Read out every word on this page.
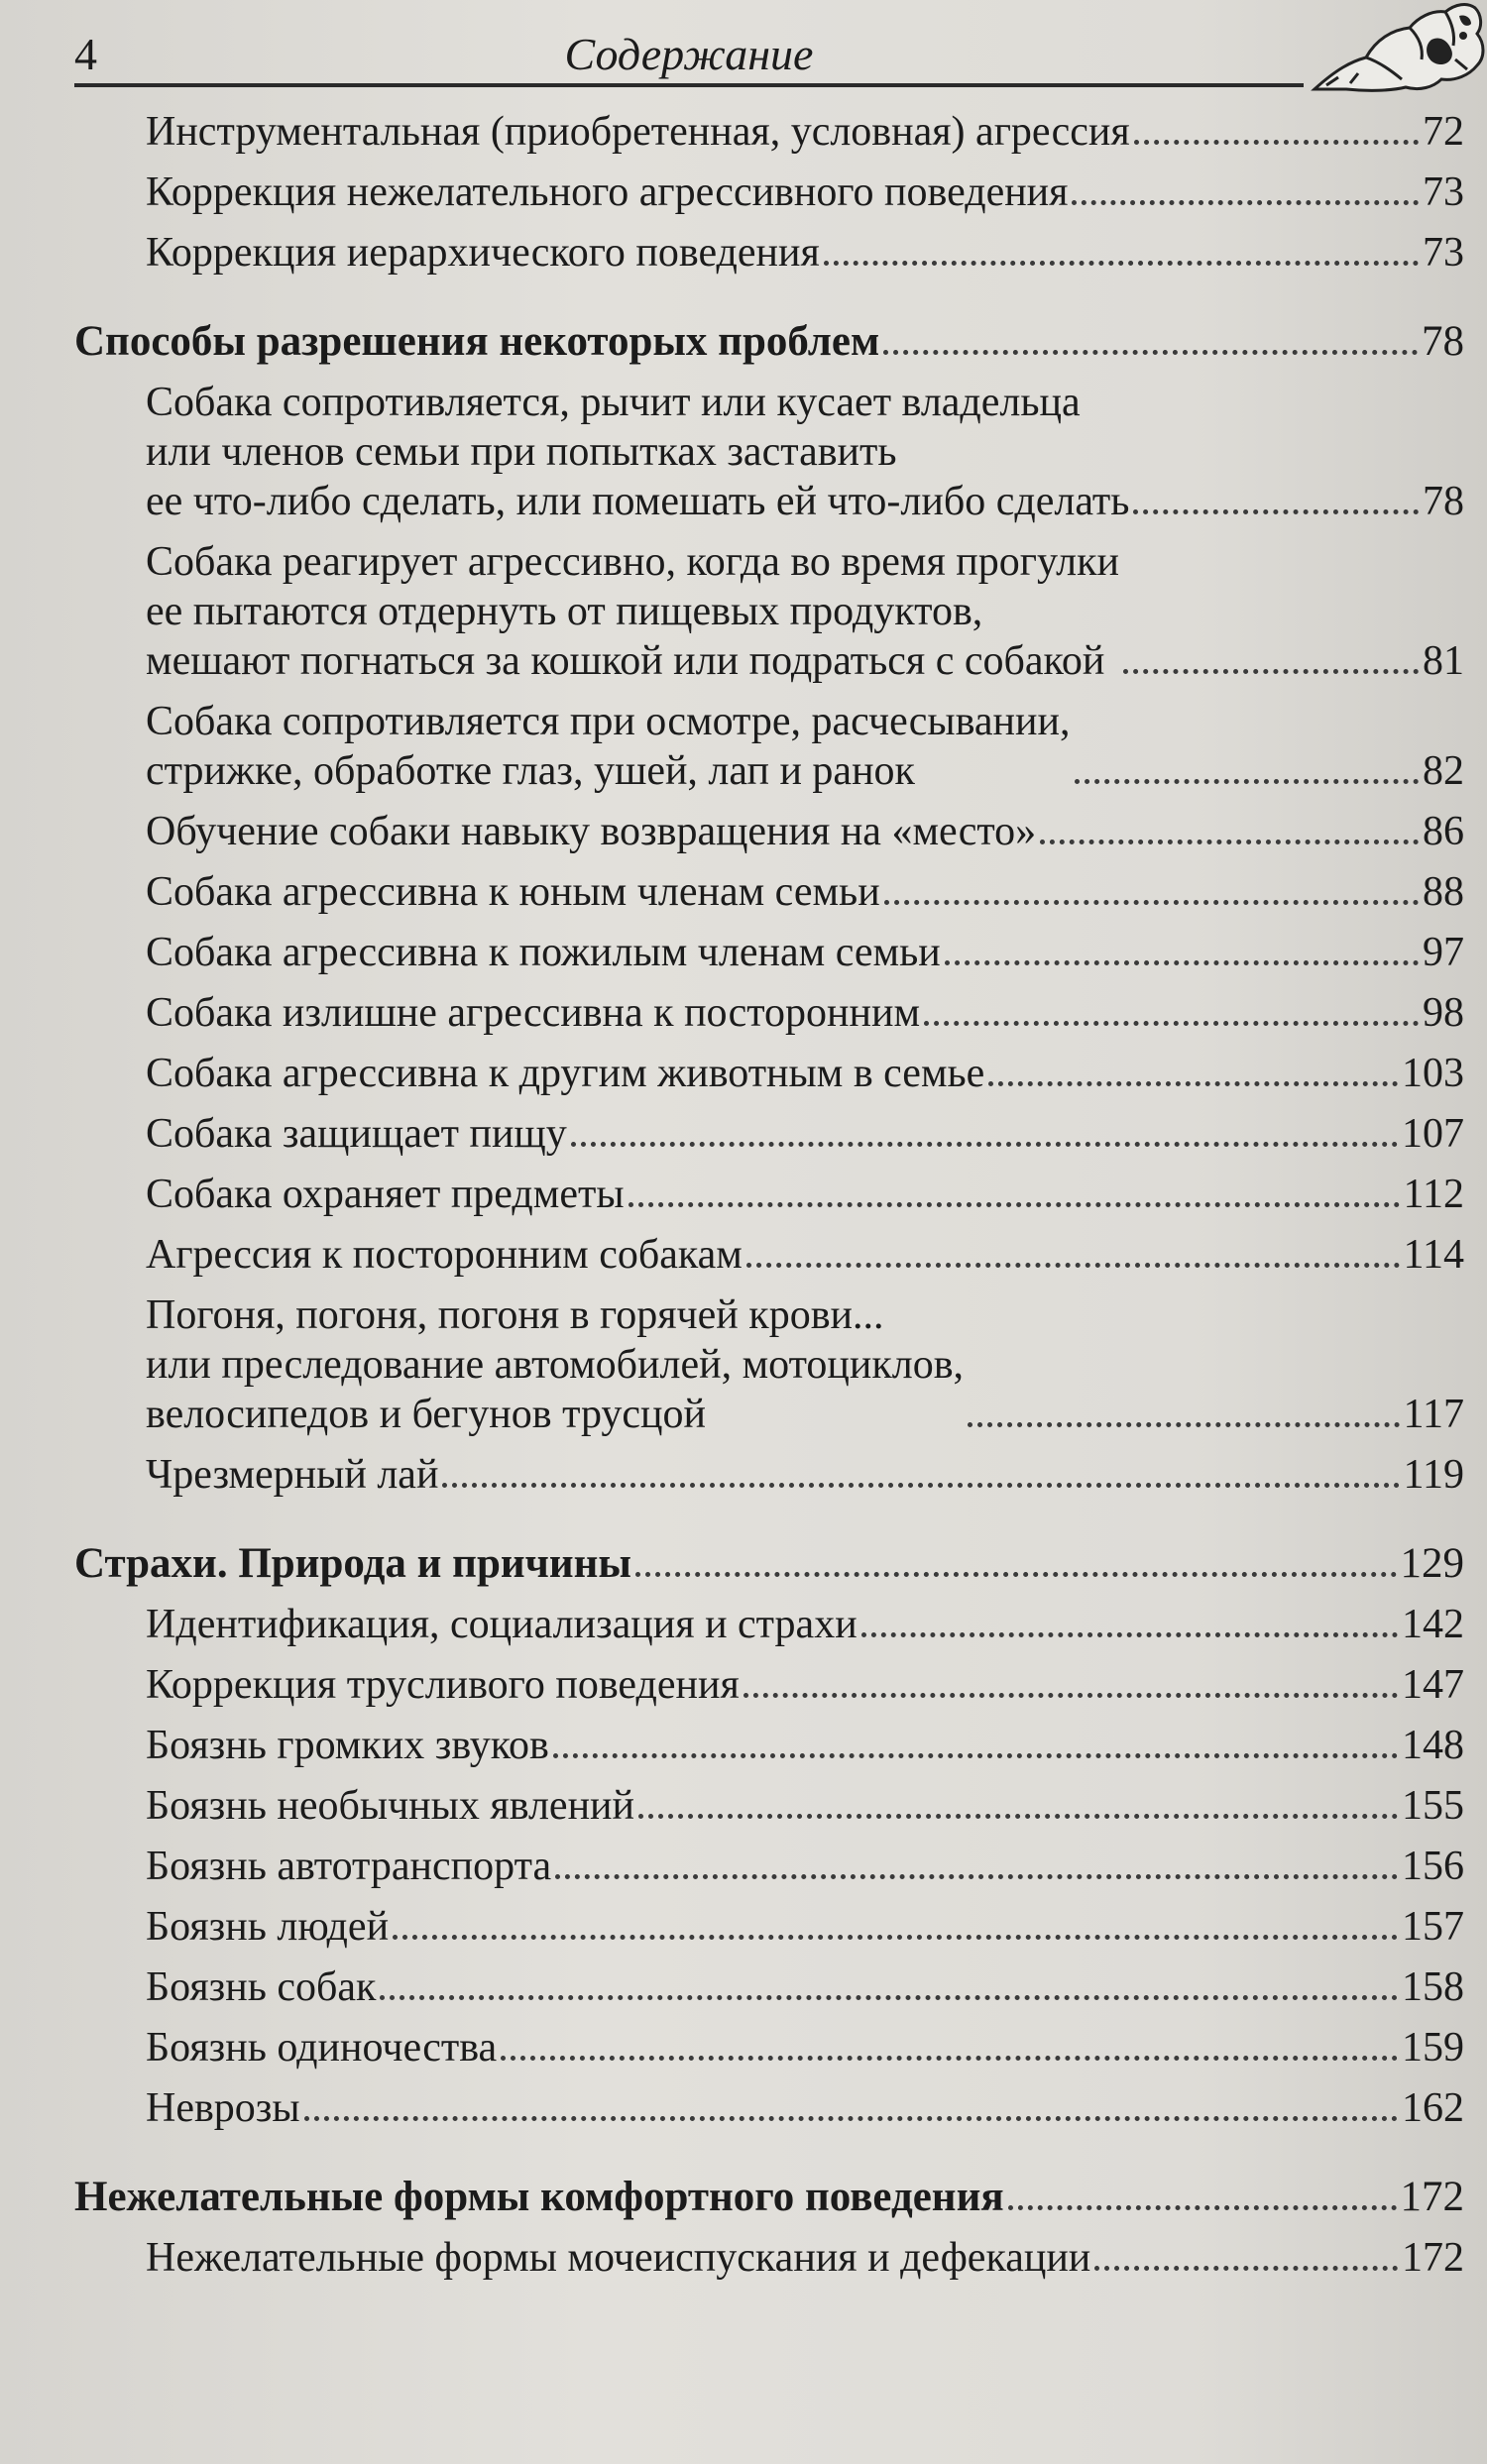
4	Содержание
Инструментальная (приобретенная, условная) агрессия	72
Коррекция нежелательного агрессивного поведения	73
Коррекция иерархического поведения	73
Способы разрешения некоторых проблем	78
Собака сопротивляется, рычит или кусает владельца
или членов семьи при попытках заставить
ее что-либо сделать, или помешать ей что-либо сделать	78
Собака реагирует агрессивно, когда во время прогулки
ее пытаются отдернуть от пищевых продуктов,
мешают погнаться за кошкой или подраться с собакой	81
Собака сопротивляется при осмотре, расчесывании,
стрижке, обработке глаз, ушей, лап и ранок	82
Обучение собаки навыку возвращения на «место»	86
Собака агрессивна к юным членам семьи	88
Собака агрессивна к пожилым членам семьи	97
Собака излишне агрессивна к посторонним	98
Собака агрессивна к другим животным в семье	103
Собака защищает пищу	107
Собака охраняет предметы	112
Агрессия к посторонним собакам	114
Погоня, погоня, погоня в горячей крови...
или преследование автомобилей, мотоциклов,
велосипедов и бегунов трусцой	117
Чрезмерный лай	119
Страхи. Природа и причины	129
Идентификация, социализация и страхи	142
Коррекция трусливого поведения	147
Боязнь громких звуков	148
Боязнь необычных явлений	155
Боязнь автотранспорта	156
Боязнь людей	157
Боязнь собак	158
Боязнь одиночества	159
Неврозы	162
Нежелательные формы комфортного поведения	172
Нежелательные формы мочеиспускания и дефекации	172
